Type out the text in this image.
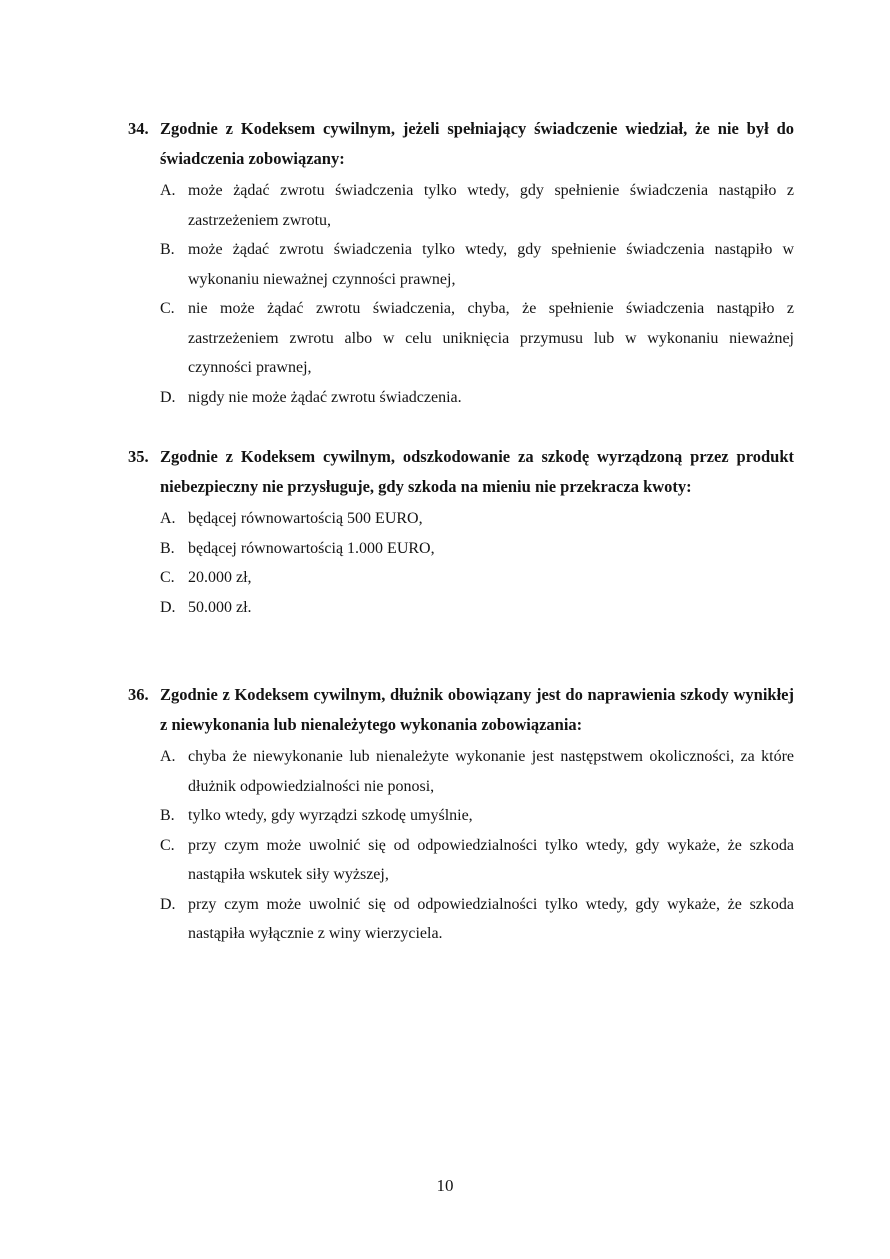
34. Zgodnie z Kodeksem cywilnym, jeżeli spełniający świadczenie wiedział, że nie był do świadczenia zobowiązany:
A. może żądać zwrotu świadczenia tylko wtedy, gdy spełnienie świadczenia nastąpiło z zastrzeżeniem zwrotu,
B. może żądać zwrotu świadczenia tylko wtedy, gdy spełnienie świadczenia nastąpiło w wykonaniu nieważnej czynności prawnej,
C. nie może żądać zwrotu świadczenia, chyba, że spełnienie świadczenia nastąpiło z zastrzeżeniem zwrotu albo w celu uniknięcia przymusu lub w wykonaniu nieważnej czynności prawnej,
D. nigdy nie może żądać zwrotu świadczenia.
35. Zgodnie z Kodeksem cywilnym, odszkodowanie za szkodę wyrządzoną przez produkt niebezpieczny nie przysługuje, gdy szkoda na mieniu nie przekracza kwoty:
A. będącej równowartością 500 EURO,
B. będącej równowartością 1.000 EURO,
C. 20.000 zł,
D. 50.000 zł.
36. Zgodnie z Kodeksem cywilnym, dłużnik obowiązany jest do naprawienia szkody wynikłej z niewykonania lub nienależytego wykonania zobowiązania:
A. chyba że niewykonanie lub nienależyte wykonanie jest następstwem okoliczności, za które dłużnik odpowiedzialności nie ponosi,
B. tylko wtedy, gdy wyrządzi szkodę umyślnie,
C. przy czym może uwolnić się od odpowiedzialności tylko wtedy, gdy wykaże, że szkoda nastąpiła wskutek siły wyższej,
D. przy czym może uwolnić się od odpowiedzialności tylko wtedy, gdy wykaże, że szkoda nastąpiła wyłącznie z winy wierzyciela.
10
